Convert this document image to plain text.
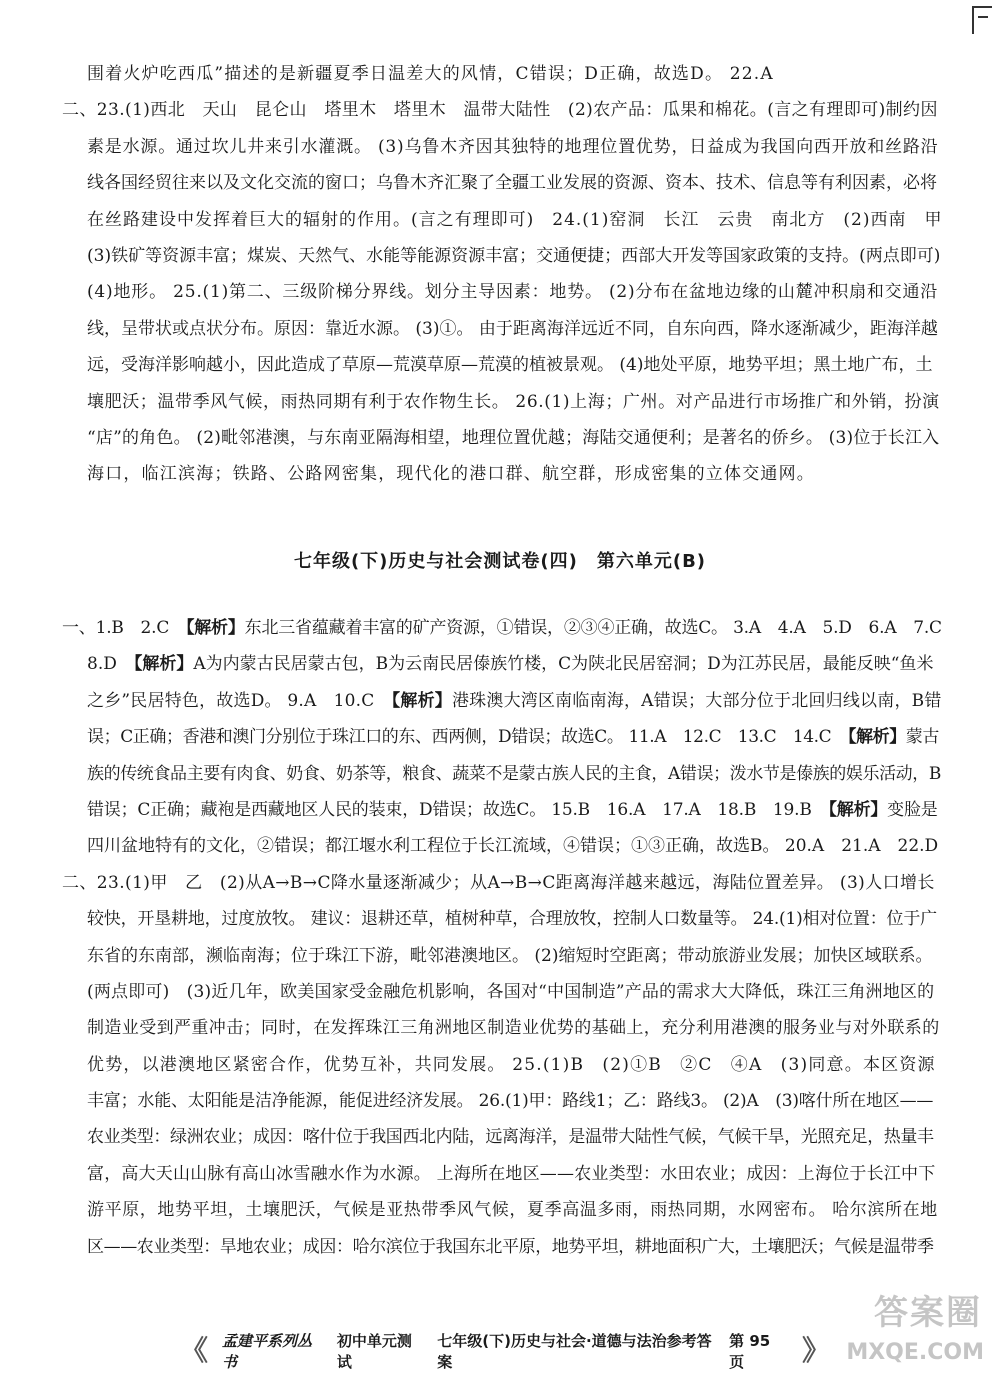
围着火炉吃西瓜”描述的是新疆夏季日温差大的风情，C错误；D正确，故选D。 22.A
二、23.(1)西北　天山　昆仑山　塔里木　塔里木　温带大陆性　(2)农产品：瓜果和棉花。(言之有理即可)制约因
素是水源。通过坎儿井来引水灌溉。 (3)乌鲁木齐因其独特的地理位置优势，日益成为我国向西开放和丝路沿
线各国经贸往来以及文化交流的窗口；乌鲁木齐汇聚了全疆工业发展的资源、资本、技术、信息等有利因素，必将
在丝路建设中发挥着巨大的辐射的作用。(言之有理即可)　24.(1)窑洞　长江　云贵　南北方　(2)西南　甲
(3)铁矿等资源丰富；煤炭、天然气、水能等能源资源丰富；交通便捷；西部大开发等国家政策的支持。(两点即可)
(4)地形。 25.(1)第二、三级阶梯分界线。划分主导因素：地势。 (2)分布在盆地边缘的山麓冲积扇和交通沿
线，呈带状或点状分布。原因：靠近水源。 (3)①。 由于距离海洋远近不同，自东向西，降水逐渐减少，距海洋越
远，受海洋影响越小，因此造成了草原—荒漠草原—荒漠的植被景观。 (4)地处平原，地势平坦；黑土地广布，土
壤肥沃；温带季风气候，雨热同期有利于农作物生长。 26.(1)上海；广州。对产品进行市场推广和外销，扮演
“店”的角色。 (2)毗邻港澳，与东南亚隔海相望，地理位置优越；海陆交通便利；是著名的侨乡。 (3)位于长江入
海口，临江滨海；铁路、公路网密集，现代化的港口群、航空群，形成密集的立体交通网。
七年级(下)历史与社会测试卷(四)　第六单元(B)
一、1.B　2.C　【解析】东北三省蕴藏着丰富的矿产资源，①错误，②③④正确，故选C。 3.A　4.A　5.D　6.A　7.C
8.D　【解析】A为内蒙古民居蒙古包，B为云南民居傣族竹楼，C为陕北民居窑洞；D为江苏民居，最能反映“鱼米
之乡”民居特色，故选D。 9.A　10.C　【解析】港珠澳大湾区南临南海，A错误；大部分位于北回归线以南，B错
误；C正确；香港和澳门分别位于珠江口的东、西两侧，D错误；故选C。 11.A　12.C　13.C　14.C　【解析】蒙古
族的传统食品主要有肉食、奶食、奶茶等，粮食、蔬菜不是蒙古族人民的主食，A错误；泼水节是傣族的娱乐活动，B
错误；C正确；藏袍是西藏地区人民的装束，D错误；故选C。 15.B　16.A　17.A　18.B　19.B　【解析】变脸是
四川盆地特有的文化，②错误；都江堰水利工程位于长江流域，④错误；①③正确，故选B。 20.A　21.A　22.D
二、23.(1)甲　乙　(2)从A→B→C降水量逐渐减少；从A→B→C距离海洋越来越远，海陆位置差异。 (3)人口增长
较快，开垦耕地，过度放牧。 建议：退耕还草，植树种草，合理放牧，控制人口数量等。 24.(1)相对位置：位于广
东省的东南部，濒临南海；位于珠江下游，毗邻港澳地区。 (2)缩短时空距离；带动旅游业发展；加快区域联系。
(两点即可)　(3)近几年，欧美国家受金融危机影响，各国对“中国制造”产品的需求大大降低，珠江三角洲地区的
制造业受到严重冲击；同时，在发挥珠江三角洲地区制造业优势的基础上，充分利用港澳的服务业与对外联系的
优势，以港澳地区紧密合作，优势互补，共同发展。 25.(1)B　(2)①B　②C　④A　(3)同意。本区资源
丰富；水能、太阳能是洁净能源，能促进经济发展。 26.(1)甲：路线1；乙：路线3。 (2)A　(3)喀什所在地区——
农业类型：绿洲农业；成因：喀什位于我国西北内陆，远离海洋，是温带大陆性气候，气候干旱，光照充足，热量丰
富，高大天山山脉有高山冰雪融水作为水源。 上海所在地区——农业类型：水田农业；成因：上海位于长江中下
游平原，地势平坦，土壤肥沃，气候是亚热带季风气候，夏季高温多雨，雨热同期，水网密布。 哈尔滨所在地
区——农业类型：旱地农业；成因：哈尔滨位于我国东北平原，地势平坦，耕地面积广大，土壤肥沃；气候是温带季
《 孟建平系列丛书
初中单元测试
七年级(下)历史与社会·道德与法治参考答案
第 95 页	》
答案圈
MXQE.COM
